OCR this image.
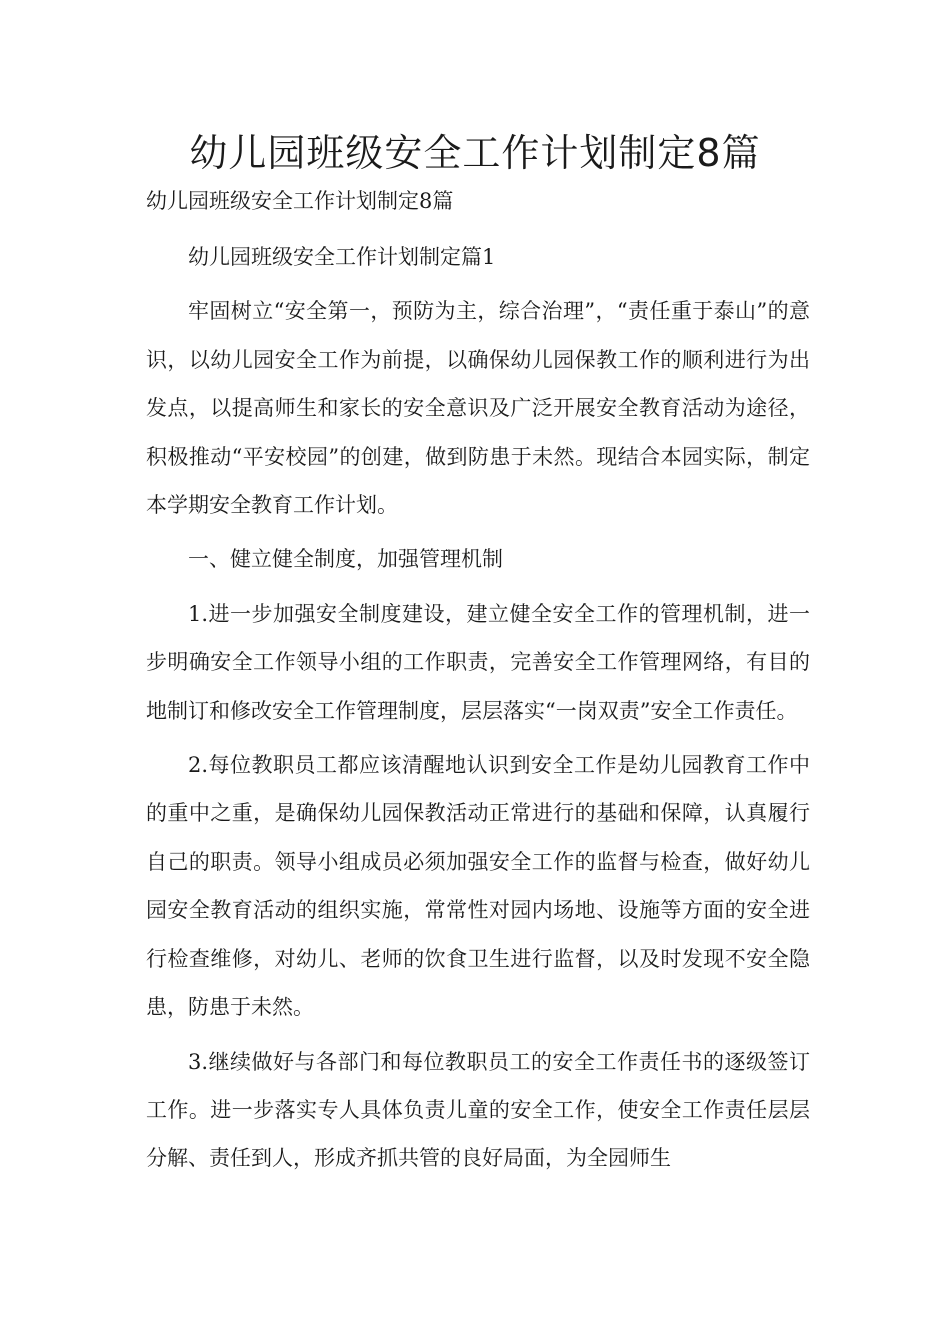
幼儿园班级安全工作计划制定8篇
幼儿园班级安全工作计划制定8篇

幼儿园班级安全工作计划制定篇1

牢固树立“安全第一，预防为主，综合治理”，“责任重于泰山”的意识，以幼儿园安全工作为前提，以确保幼儿园保教工作的顺利进行为出发点，以提高师生和家长的安全意识及广泛开展安全教育活动为途径，积极推动“平安校园”的创建，做到防患于未然。现结合本园实际，制定本学期安全教育工作计划。

一、健立健全制度，加强管理机制

1.进一步加强安全制度建设，建立健全安全工作的管理机制，进一步明确安全工作领导小组的工作职责，完善安全工作管理网络，有目的地制订和修改安全工作管理制度，层层落实“一岗双责”安全工作责任。

2.每位教职员工都应该清醒地认识到安全工作是幼儿园教育工作中的重中之重，是确保幼儿园保教活动正常进行的基础和保障，认真履行自己的职责。领导小组成员必须加强安全工作的监督与检查，做好幼儿园安全教育活动的组织实施，常常性对园内场地、设施等方面的安全进行检查维修，对幼儿、老师的饮食卫生进行监督，以及时发现不安全隐患，防患于未然。

3.继续做好与各部门和每位教职员工的安全工作责任书的逐级签订工作。进一步落实专人具体负责儿童的安全工作，使安全工作责任层层分解、责任到人，形成齐抓共管的良好局面，为全园师生
